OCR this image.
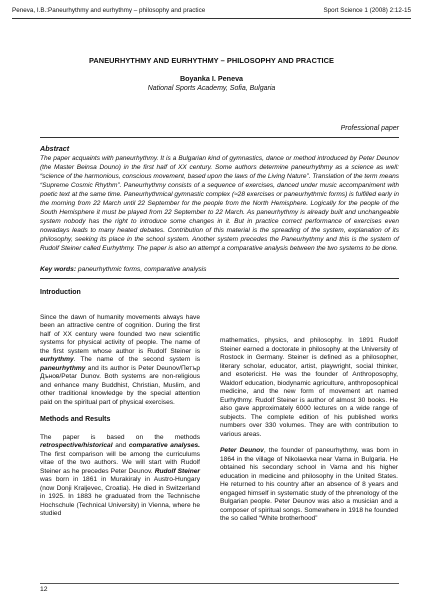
Peneva, I.B.:Paneurhythmy and eurhythmy – philosophy and practice	Sport Science 1 (2008) 2:12-15
PANEURHYTHMY AND EURHYTHMY – PHILOSOPHY AND PRACTICE
Boyanka I. Peneva
National Sports Academy, Sofia, Bulgaria
Professional paper
Abstract
The paper acquaints with paneurhythmy. It is a Bulgarian kind of gymnastics, dance or method introduced by Peter Deunov (the Master Beinsa Douno) in the first half of XX century. Some authors determine paneurhythmy as a science as well: “science of the harmonious, conscious movement, based upon the laws of the Living Nature”. Translation of the term means “Supreme Cosmic Rhythm”. Paneurhythmy consists of a sequence of exercises, danced under music accompaniment with poetic text at the same time. Paneurhythmical gymnastic complex (≈28 exercises or paneurhythmic forms) is fulfilled early in the morning from 22 March until 22 September for the people from the North Hemisphere. Logically for the people of the South Hemisphere it must be played from 22 September to 22 March. As paneurhythmy is already built and unchangeable system nobody has the right to introduce some changes in it. But in practice correct performance of exercises even nowadays leads to many heated debates. Contribution of this material is the spreading of the system, explanation of its philosophy, seeking its place in the school system. Another system precedes the Paneurhythmy and this is the system of Rudolf Steiner called Eurhythmy. The paper is also an attempt a comparative analysis between the two systems to be done.
Key words: paneurhythmic forms, comparative analysis
Introduction

Since the dawn of humanity movements always have been an attractive centre of cognition. During the first half of XX century were founded two new scientific systems for physical activity of people. The name of the first system whose author is Rudolf Steiner is eurhythmy. The name of the second system is paneurhythmy and its author is Peter Deunov/Петър Дънов/Petar Dunov. Both systems are non-religious and enhance many Buddhist, Christian, Muslim, and other traditional knowledge by the special attention paid on the spiritual part of physical exercises.

Methods and Results

The paper is based on the methods retrospective/historical and comparative analyses. The first comparison will be among the curriculums vitae of the two authors. We will start with Rudolf Steiner as he precedes Peter Deunov. Rudolf Steiner was born in 1861 in Murakiraly in Austro-Hungary (now Donji Kraljevec, Croatia). He died in Switzerland in 1925. In 1883 he graduated from the Technische Hochschule (Technical University) in Vienna, where he studied

mathematics, physics, and philosophy. In 1891 Rudolf Steiner earned a doctorate in philosophy at the University of Rostock in Germany. Steiner is defined as a philosopher, literary scholar, educator, artist, playwright, social thinker, and esotericist. He was the founder of Anthroposophy, Waldorf education, biodynamic agriculture, anthroposophical medicine, and the new form of movement art named Eurhythmy. Rudolf Steiner is author of almost 30 books. He also gave approximately 6000 lectures on a wide range of subjects. The complete edition of his published works numbers over 330 volumes. They are with contribution to various areas.

Peter Deunov, the founder of paneurhythmy, was born in 1864 in the village of Nikolaevka near Varna in Bulgaria. He obtained his secondary school in Varna and his higher education in medicine and philosophy in the United States. He returned to his country after an absence of 8 years and engaged himself in systematic study of the phrenology of the Bulgarian people. Peter Deunov was also a musician and a composer of spiritual songs. Somewhere in 1918 he founded the so called “White brotherhood”

12
